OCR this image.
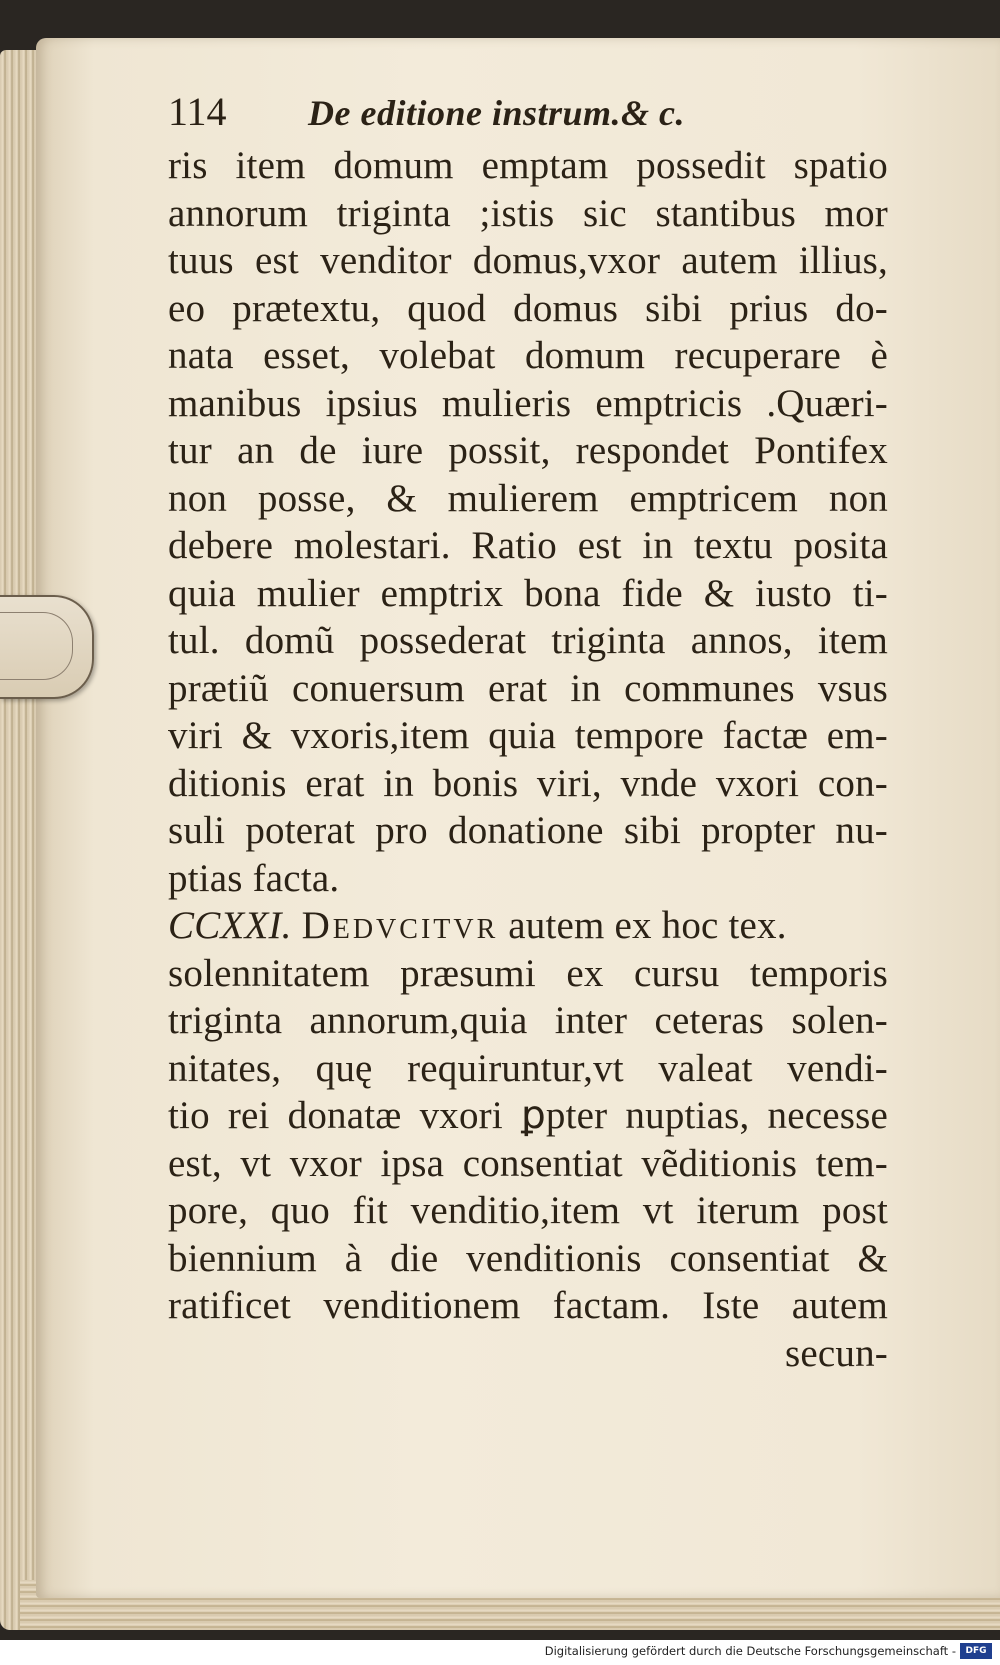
114	De editione instrum.& c.
ris item domum emptam possedit spatio
annorum triginta ;istis sic stantibus mor
tuus est venditor domus,vxor autem illius,
eo prætextu, quod domus sibi prius do-
nata esset, volebat domum recuperare è
manibus ipsius mulieris emptricis .Quæri-
tur an de iure possit, respondet Pontifex
non posse, & mulierem emptricem non
debere molestari. Ratio est in textu posita
quia mulier emptrix bona fide & iusto ti-
tul. domũ possederat triginta annos, item
prætiũ conuersum erat in communes vsus
viri & vxoris,item quia tempore factæ em-
ditionis erat in bonis viri, vnde vxori con-
suli poterat pro donatione sibi propter nu-
ptias facta.
CCXXI. DEDVCITVR autem ex hoc tex.
solennitatem præsumi ex cursu temporis
triginta annorum,quia inter ceteras solen-
nitates, quę requiruntur,vt valeat vendi-
tio rei donatæ vxori ꝑpter nuptias, necesse
est, vt vxor ipsa consentiat vẽditionis tem-
pore, quo fit venditio,item vt iterum post
biennium à die venditionis consentiat &
ratificet venditionem factam. Iste autem
secun-
Digitalisierung gefördert durch die Deutsche Forschungsgemeinschaft -	DFG
